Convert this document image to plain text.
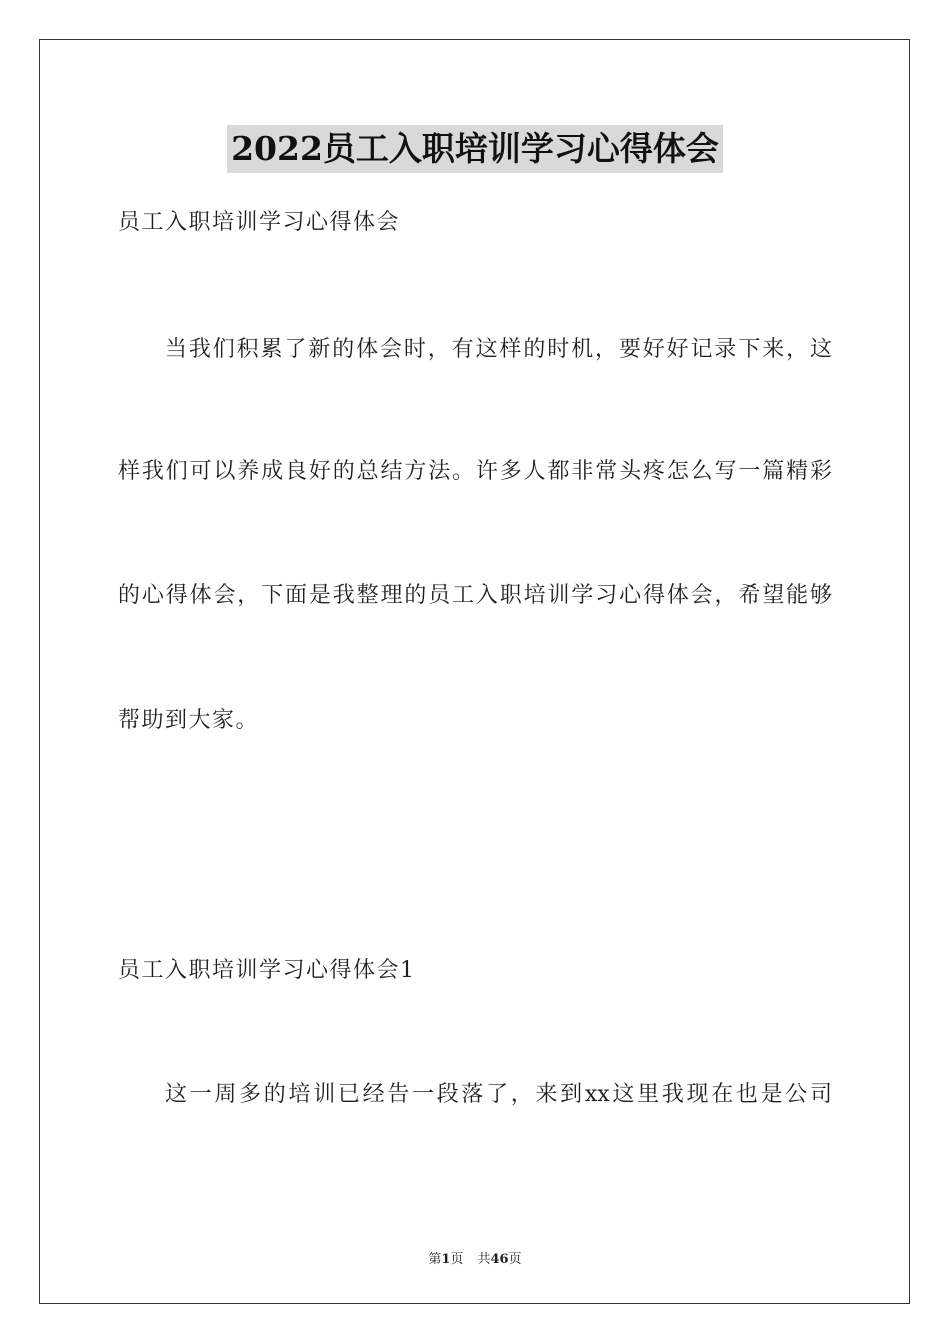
2022员工入职培训学习心得体会
员工入职培训学习心得体会
当我们积累了新的体会时，有这样的时机，要好好记录下来，这
样我们可以养成良好的总结方法。许多人都非常头疼怎么写一篇精彩
的心得体会，下面是我整理的员工入职培训学习心得体会，希望能够
帮助到大家。
员工入职培训学习心得体会1
这一周多的培训已经告一段落了，来到xx这里我现在也是公司
第1页 共46页
